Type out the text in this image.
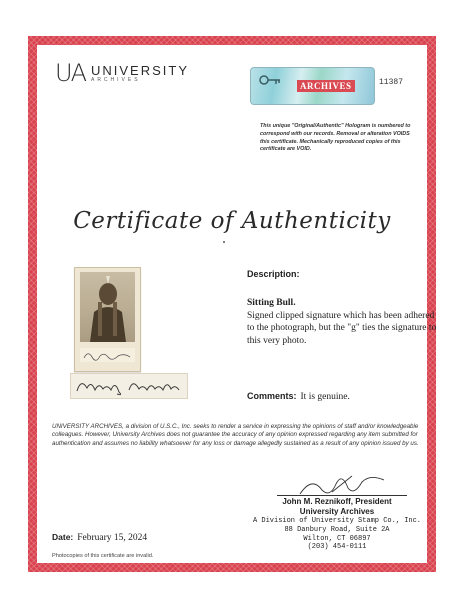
UA UNIVERSITY
ARCHIVES
ARCHIVES	11387
This unique "Original/Authentic" Hologram is numbered to correspond with our records. Removal or alteration VOIDS this certificate. Mechanically reproduced copies of this certificate are VOID.
Certificate of Authenticity
Description:
Sitting Bull.
Signed clipped signature which has been adhered to the photograph, but the "g" ties the signature to this very photo.
Comments: It is genuine.
UNIVERSITY ARCHIVES, a division of U.S.C., Inc. seeks to render a service in expressing the opinions of staff and/or knowledgeable colleagues. However, University Archives does not guarantee the accuracy of any opinion expressed regarding any item submitted for authentication and assumes no liability whatsoever for any loss or damage allegedly sustained as a result of any opinion issued by us.
John M. Reznikoff, President
University Archives
A Division of University Stamp Co., Inc.
88 Danbury Road, Suite 2A
Wilton, CT 06897
(203) 454-0111
Date: February 15, 2024
Photocopies of this certificate are invalid.
